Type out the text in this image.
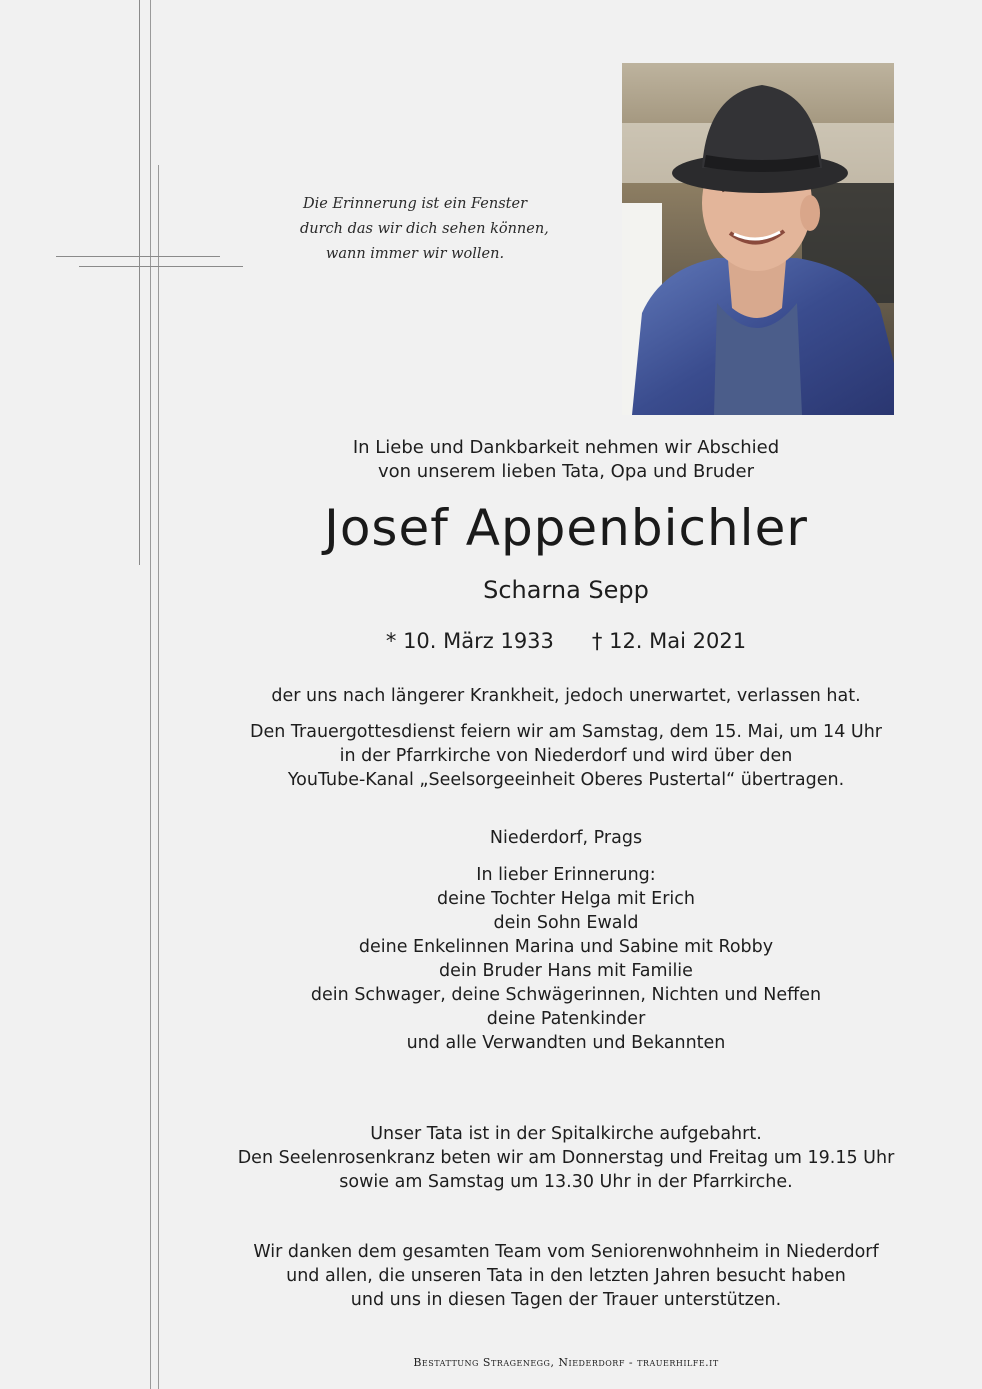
Die Erinnerung ist ein Fenster
durch das wir dich sehen können,
wann immer wir wollen.
In Liebe und Dankbarkeit nehmen wir Abschied
von unserem lieben Tata, Opa und Bruder
Josef Appenbichler
Scharna Sepp
* 10. März 1933 † 12. Mai 2021
der uns nach längerer Krankheit, jedoch unerwartet, verlassen hat.
Den Trauergottesdienst feiern wir am Samstag, dem 15. Mai, um 14 Uhr
in der Pfarrkirche von Niederdorf und wird über den
YouTube-Kanal „Seelsorgeeinheit Oberes Pustertal“ übertragen.
Niederdorf, Prags
In lieber Erinnerung:
deine Tochter Helga mit Erich
dein Sohn Ewald
deine Enkelinnen Marina und Sabine mit Robby
dein Bruder Hans mit Familie
dein Schwager, deine Schwägerinnen, Nichten und Neffen
deine Patenkinder
und alle Verwandten und Bekannten
Unser Tata ist in der Spitalkirche aufgebahrt.
Den Seelenrosenkranz beten wir am Donnerstag und Freitag um 19.15 Uhr
sowie am Samstag um 13.30 Uhr in der Pfarrkirche.
Wir danken dem gesamten Team vom Seniorenwohnheim in Niederdorf
und allen, die unseren Tata in den letzten Jahren besucht haben
und uns in diesen Tagen der Trauer unterstützen.
Bestattung Stragenegg, Niederdorf - trauerhilfe.it
